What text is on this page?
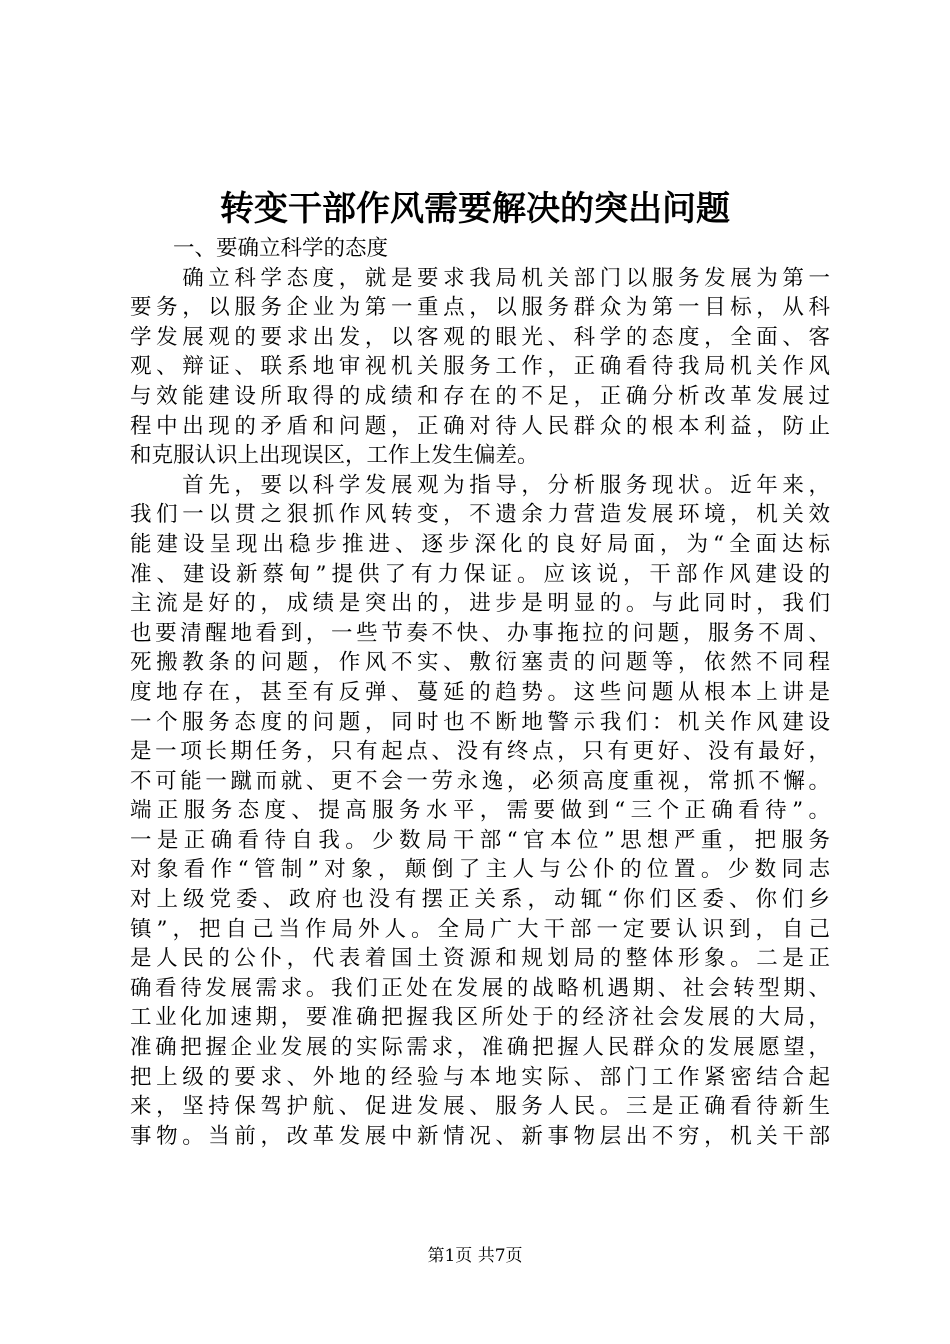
转变干部作风需要解决的突出问题
　　一、要确立科学的态度
　　确立科学态度，就是要求我局机关部门以服务发展为第一
要务，以服务企业为第一重点，以服务群众为第一目标，从科
学发展观的要求出发，以客观的眼光、科学的态度，全面、客
观、辩证、联系地审视机关服务工作，正确看待我局机关作风
与效能建设所取得的成绩和存在的不足，正确分析改革发展过
程中出现的矛盾和问题，正确对待人民群众的根本利益，防止
和克服认识上出现误区，工作上发生偏差。
　　首先，要以科学发展观为指导，分析服务现状。近年来，
我们一以贯之狠抓作风转变，不遗余力营造发展环境，机关效
能建设呈现出稳步推进、逐步深化的良好局面，为“全面达标
准、建设新蔡甸”提供了有力保证。应该说，干部作风建设的
主流是好的，成绩是突出的，进步是明显的。与此同时，我们
也要清醒地看到，一些节奏不快、办事拖拉的问题，服务不周、
死搬教条的问题，作风不实、敷衍塞责的问题等，依然不同程
度地存在，甚至有反弹、蔓延的趋势。这些问题从根本上讲是
一个服务态度的问题，同时也不断地警示我们：机关作风建设
是一项长期任务，只有起点、没有终点，只有更好、没有最好，
不可能一蹴而就、更不会一劳永逸，必须高度重视，常抓不懈。
端正服务态度、提高服务水平，需要做到“三个正确看待”。
一是正确看待自我。少数局干部“官本位”思想严重，把服务
对象看作“管制”对象，颠倒了主人与公仆的位置。少数同志
对上级党委、政府也没有摆正关系，动辄“你们区委、你们乡
镇”，把自己当作局外人。全局广大干部一定要认识到，自己
是人民的公仆，代表着国土资源和规划局的整体形象。二是正
确看待发展需求。我们正处在发展的战略机遇期、社会转型期、
工业化加速期，要准确把握我区所处于的经济社会发展的大局，
准确把握企业发展的实际需求，准确把握人民群众的发展愿望，
把上级的要求、外地的经验与本地实际、部门工作紧密结合起
来，坚持保驾护航、促进发展、服务人民。三是正确看待新生
事物。当前，改革发展中新情况、新事物层出不穷，机关干部
第1页 共7页
